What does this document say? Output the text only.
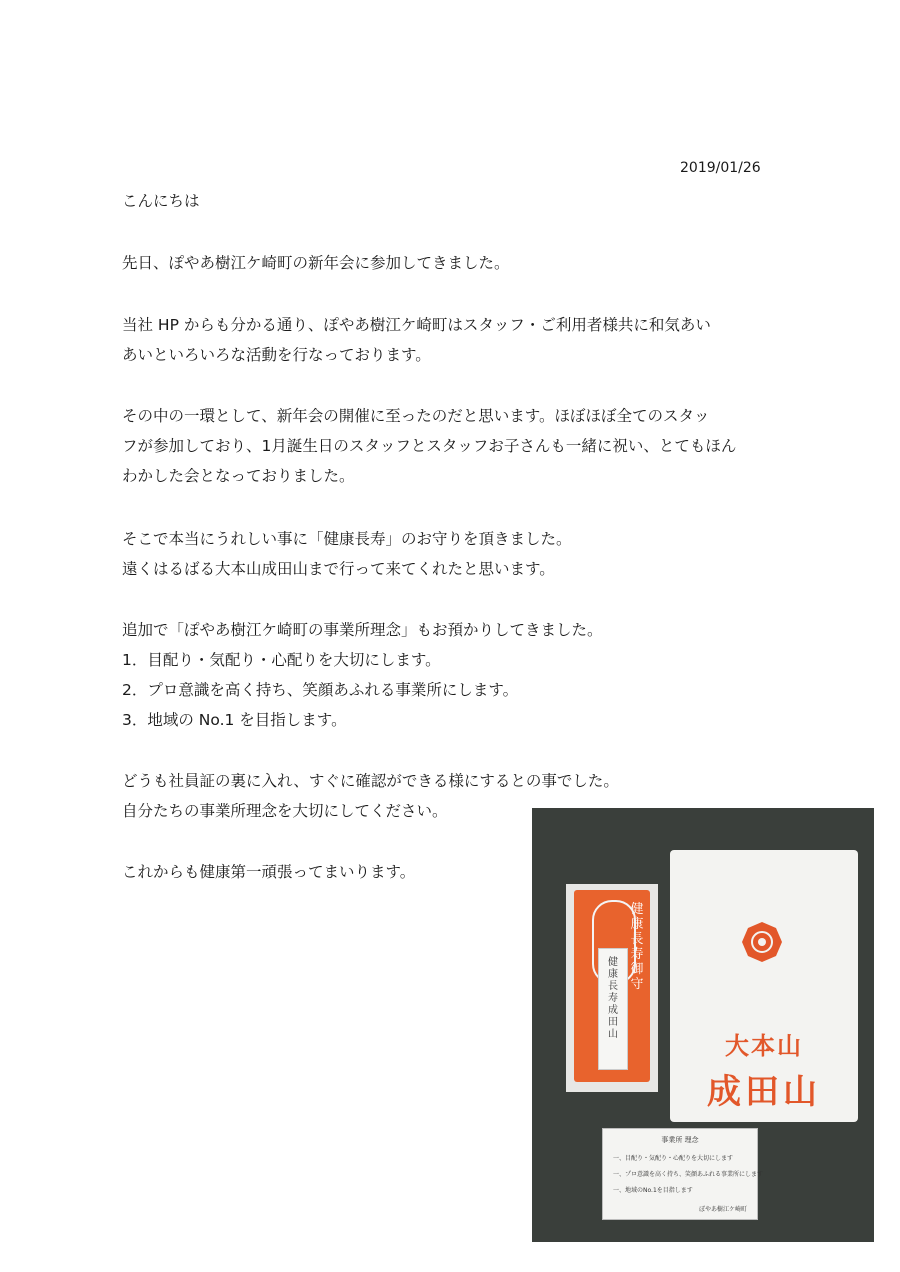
2019/01/26
こんにちは
先日、ぽやあ樹江ケ崎町の新年会に参加してきました。
当社 HP からも分かる通り、ぽやあ樹江ケ崎町はスタッフ・ご利用者様共に和気あい
あいといろいろな活動を行なっております。
その中の一環として、新年会の開催に至ったのだと思います。ほぼほぼ全てのスタッ
フが参加しており、1月誕生日のスタッフとスタッフお子さんも一緒に祝い、とてもほん
わかした会となっておりました。
そこで本当にうれしい事に「健康長寿」のお守りを頂きました。
遠くはるばる大本山成田山まで行って来てくれたと思います。
追加で「ぽやあ樹江ケ崎町の事業所理念」もお預かりしてきました。
1．目配り・気配り・心配りを大切にします。
2．プロ意識を高く持ち、笑顔あふれる事業所にします。
3．地域の No.1 を目指します。
どうも社員証の裏に入れ、すぐに確認ができる様にするとの事でした。
自分たちの事業所理念を大切にしてください。
これからも健康第一頑張ってまいります。
大本山
成田山
健康長寿御守
健康長寿成田山
事業所 理念
一、目配り・気配り・心配りを大切にします
一、プロ意識を高く持ち、笑顔あふれる事業所にします
一、地域のNo.1を目指します
ぽやあ樹江ケ崎町
